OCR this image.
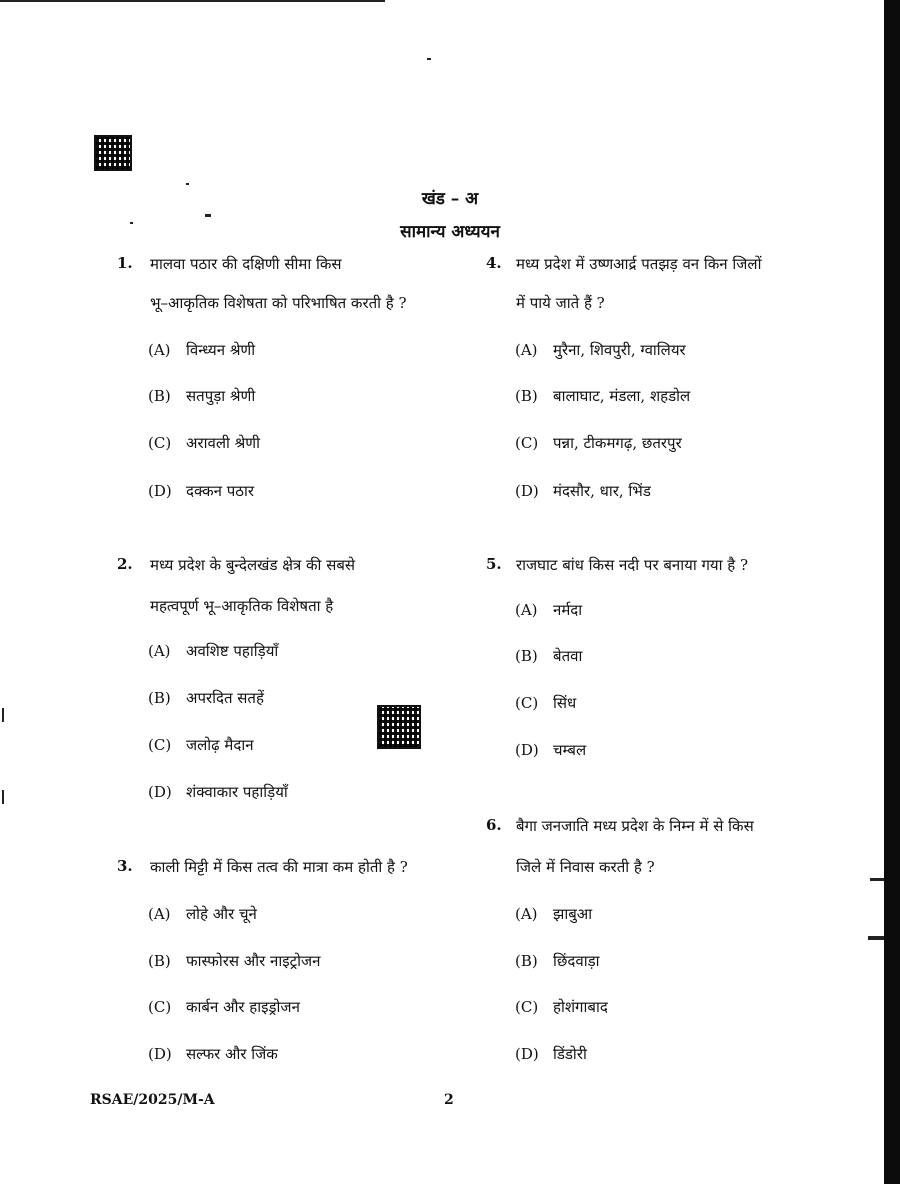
खंड – अ
सामान्य अध्ययन
1. मालवा पठार की दक्षिणी सीमा किस
भू–आकृतिक विशेषता को परिभाषित करती है ?
(A) विन्ध्यन श्रेणी
(B) सतपुड़ा श्रेणी
(C) अरावली श्रेणी
(D) दक्कन पठार
2. मध्य प्रदेश के बुन्देलखंड क्षेत्र की सबसे
महत्वपूर्ण भू–आकृतिक विशेषता है
(A) अवशिष्ट पहाड़ियाँ
(B) अपरदित सतहें
(C) जलोढ़ मैदान
(D) शंक्वाकार पहाड़ियाँ
3. काली मिट्टी में किस तत्व की मात्रा कम होती है ?
(A) लोहे और चूने
(B) फास्फोरस और नाइट्रोजन
(C) कार्बन और हाइड्रोजन
(D) सल्फर और जिंक
4. मध्य प्रदेश में उष्णआर्द्र पतझड़ वन किन जिलों
में पाये जाते हैं ?
(A) मुरैना, शिवपुरी, ग्वालियर
(B) बालाघाट, मंडला, शहडोल
(C) पन्ना, टीकमगढ़, छतरपुर
(D) मंदसौर, धार, भिंड
5. राजघाट बांध किस नदी पर बनाया गया है ?
(A) नर्मदा
(B) बेतवा
(C) सिंध
(D) चम्बल
6. बैगा जनजाति मध्य प्रदेश के निम्न में से किस
जिले में निवास करती है ?
(A) झाबुआ
(B) छिंदवाड़ा
(C) होशंगाबाद
(D) डिंडोरी
RSAE/2025/M-A	2
